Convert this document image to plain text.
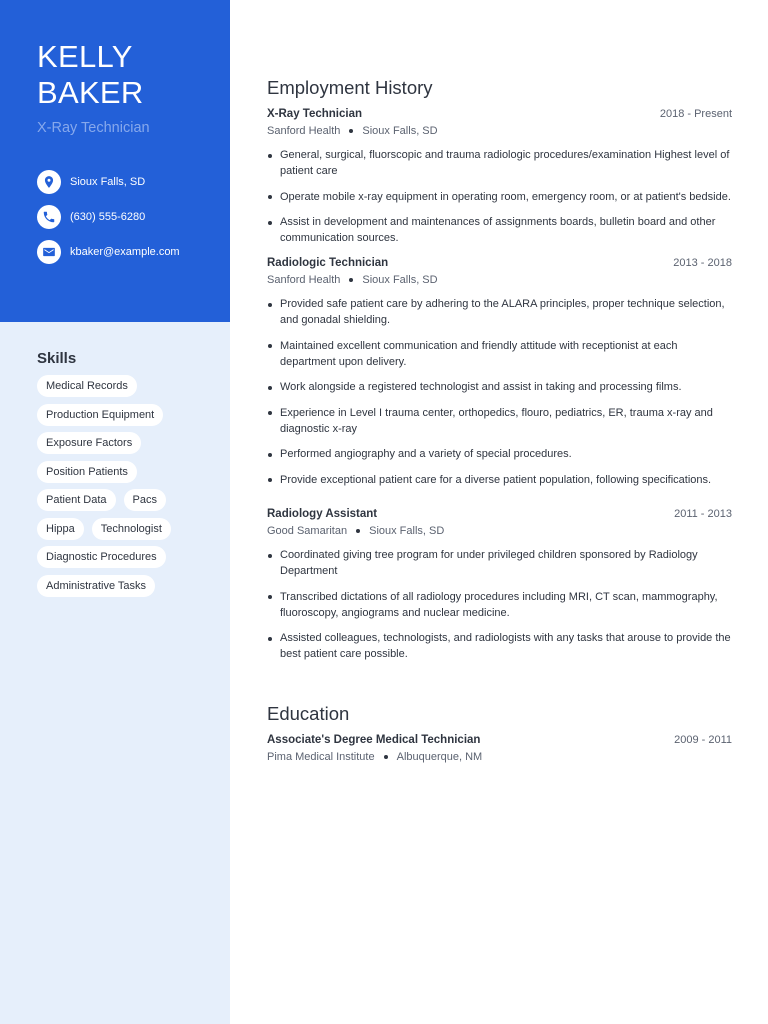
KELLY
BAKER
X-Ray Technician
Sioux Falls, SD
(630) 555-6280
kbaker@example.com
Skills
Medical Records
Production Equipment
Exposure Factors
Position Patients
Patient Data	Pacs
Hippa	Technologist
Diagnostic Procedures
Administrative Tasks
Employment History
X-Ray Technician	2018 - Present
Sanford Health Sioux Falls, SD
General, surgical, fluorscopic and trauma radiologic procedures/examination Highest level of patient care
Operate mobile x-ray equipment in operating room, emergency room, or at patient's bedside.
Assist in development and maintenances of assignments boards, bulletin board and other communication sources.
Radiologic Technician	2013 - 2018
Sanford Health Sioux Falls, SD
Provided safe patient care by adhering to the ALARA principles, proper technique selection, and gonadal shielding.
Maintained excellent communication and friendly attitude with receptionist at each department upon delivery.
Work alongside a registered technologist and assist in taking and processing films.
Experience in Level I trauma center, orthopedics, flouro, pediatrics, ER, trauma x-ray and diagnostic x-ray
Performed angiography and a variety of special procedures.
Provide exceptional patient care for a diverse patient population, following specifications.
Radiology Assistant	2011 - 2013
Good Samaritan Sioux Falls, SD
Coordinated giving tree program for under privileged children sponsored by Radiology Department
Transcribed dictations of all radiology procedures including MRI, CT scan, mammography, fluoroscopy, angiograms and nuclear medicine.
Assisted colleagues, technologists, and radiologists with any tasks that arouse to provide the best patient care possible.
Education
Associate's Degree Medical Technician	2009 - 2011
Pima Medical Institute Albuquerque, NM
